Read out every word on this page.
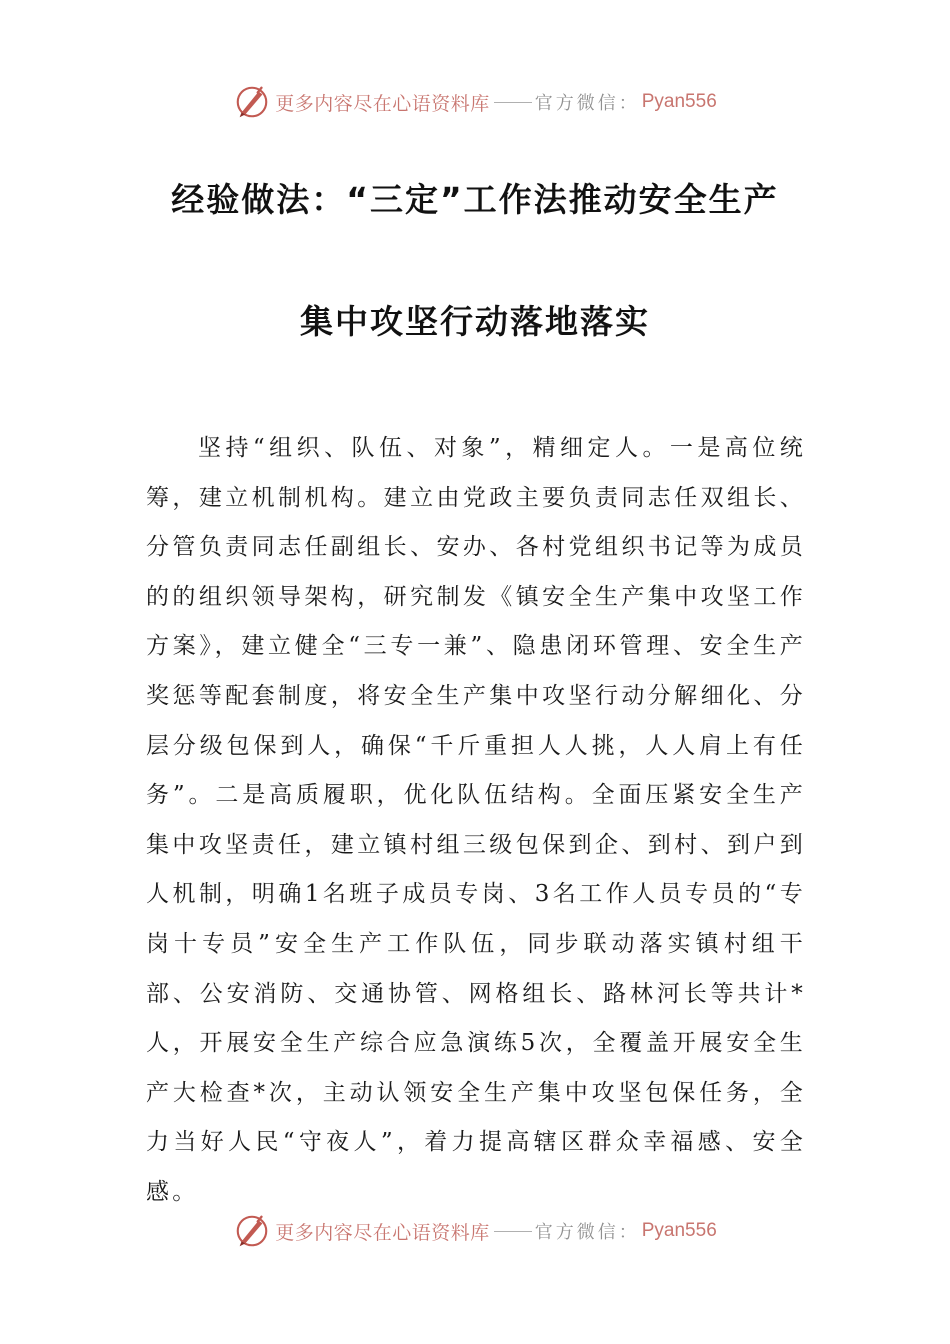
更多内容尽在心语资料库	官方微信： Pyan556
经验做法：“三定”工作法推动安全生产
集中攻坚行动落地落实

坚持“组织、队伍、对象”，精细定人。一是高位统筹，建立机制机构。建立由党政主要负责同志任双组长、分管负责同志任副组长、安办、各村党组织书记等为成员的的组织领导架构，研究制发《镇安全生产集中攻坚工作方案》，建立健全“三专一兼”、隐患闭环管理、安全生产奖惩等配套制度，将安全生产集中攻坚行动分解细化、分层分级包保到人，确保“千斤重担人人挑，人人肩上有任务”。二是高质履职，优化队伍结构。全面压紧安全生产集中攻坚责任，建立镇村组三级包保到企、到村、到户到人机制，明确1名班子成员专岗、3名工作人员专员的“专岗十专员”安全生产工作队伍，同步联动落实镇村组干部、公安消防、交通协管、网格组长、路林河长等共计*人，开展安全生产综合应急演练5次，全覆盖开展安全生产大检查*次，主动认领安全生产集中攻坚包保任务，全力当好人民“守夜人”，着力提高辖区群众幸福感、安全感。

更多内容尽在心语资料库	官方微信： Pyan556
